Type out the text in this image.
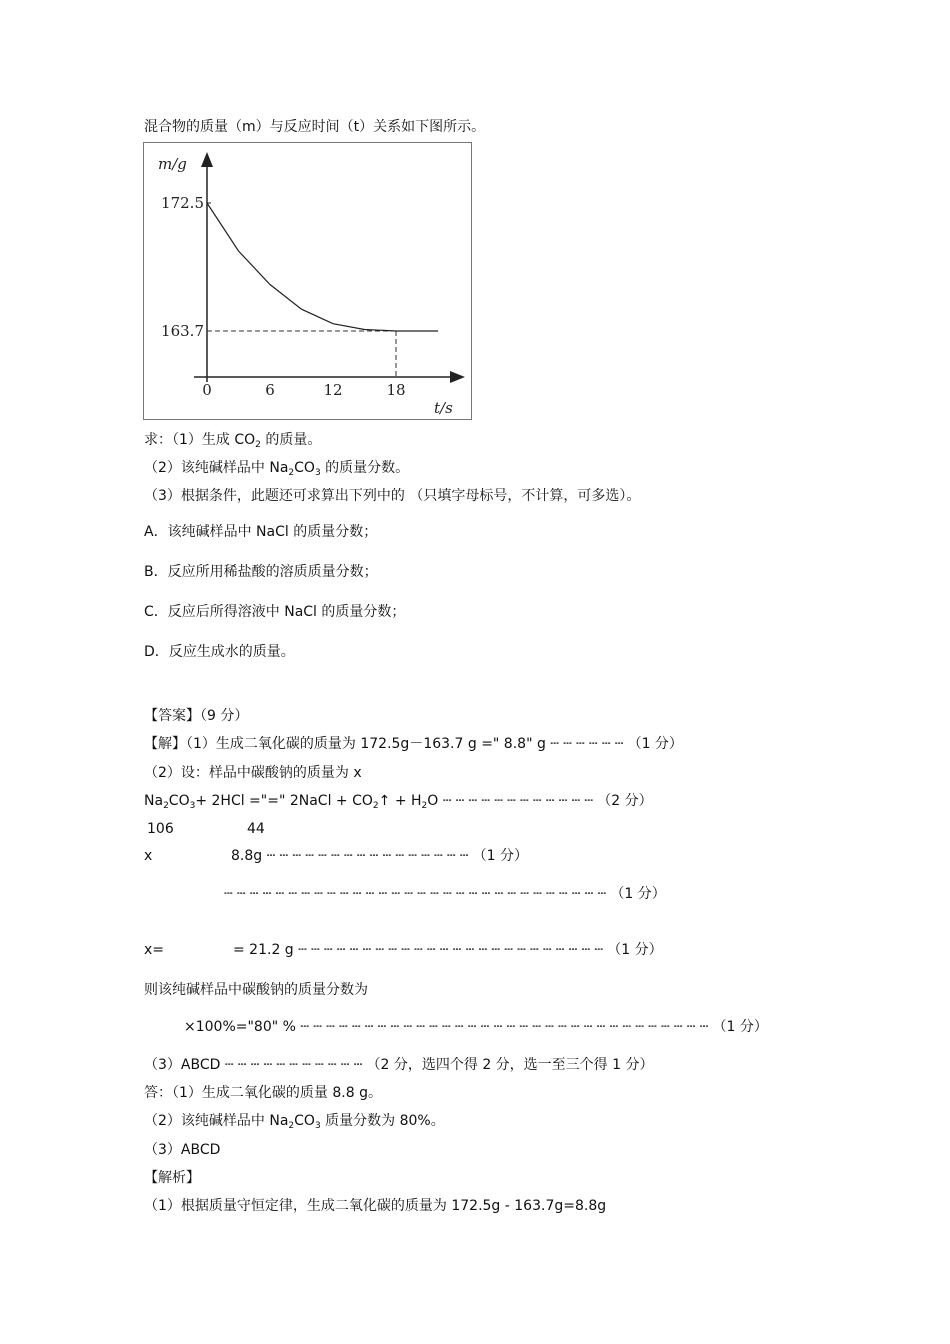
混合物的质量（m）与反应时间（t）关系如下图所示。
m/g
t/s
0	6	12	18
172.5
163.7
求：（1）生成 $CO_2$ 的质量。
（2）该纯碱样品中 $Na_2CO_3$ 的质量分数。
（3）根据条件，此题还可求算出下列中的 （只填字母标号，不计算，可多选）。
A．该纯碱样品中 NaCl 的质量分数；
B．反应所用稀盐酸的溶质质量分数；
C．反应后所得溶液中 NaCl 的质量分数；
D．反应生成水的质量。
【答案】（9 分）
【解】（1）生成二氧化碳的质量为 172.5g－163.7 g =" 8.8" g ┄ ┄ ┄ ┄ ┄ ┄ （1 分）
（2）设：样品中碳酸钠的质量为 x
$Na_2CO_3+ 2HCl$ ="=" 2NaCl + $CO_2↑ + H_2O$ ┄ ┄ ┄ ┄ ┄ ┄ ┄ ┄ ┄ ┄ ┄ ┄ （2 分）
106	44
x	8.8g ┄ ┄ ┄ ┄ ┄ ┄ ┄ ┄ ┄ ┄ ┄ ┄ ┄ ┄ ┄ ┄ （1 分）
┄ ┄ ┄ ┄ ┄ ┄ ┄ ┄ ┄ ┄ ┄ ┄ ┄ ┄ ┄ ┄ ┄ ┄ ┄ ┄ ┄ ┄ ┄ ┄ ┄ ┄ ┄ ┄ ┄ ┄ （1 分）
x=	= 21.2 g ┄ ┄ ┄ ┄ ┄ ┄ ┄ ┄ ┄ ┄ ┄ ┄ ┄ ┄ ┄ ┄ ┄ ┄ ┄ ┄ ┄ ┄ ┄ ┄ （1 分）
则该纯碱样品中碳酸钠的质量分数为
×100%="80" % ┄ ┄ ┄ ┄ ┄ ┄ ┄ ┄ ┄ ┄ ┄ ┄ ┄ ┄ ┄ ┄ ┄ ┄ ┄ ┄ ┄ ┄ ┄ ┄ ┄ ┄ ┄ ┄ ┄ ┄ ┄ ┄ （1 分）
（3）ABCD ┄ ┄ ┄ ┄ ┄ ┄ ┄ ┄ ┄ ┄ ┄ （2 分，选四个得 2 分，选一至三个得 1 分）
答：（1）生成二氧化碳的质量 8.8 g。
（2）该纯碱样品中 $Na_2CO_3$ 质量分数为 80%。
（3）ABCD
【解析】
（1）根据质量守恒定律，生成二氧化碳的质量为 172.5g - 163.7g=8.8g
